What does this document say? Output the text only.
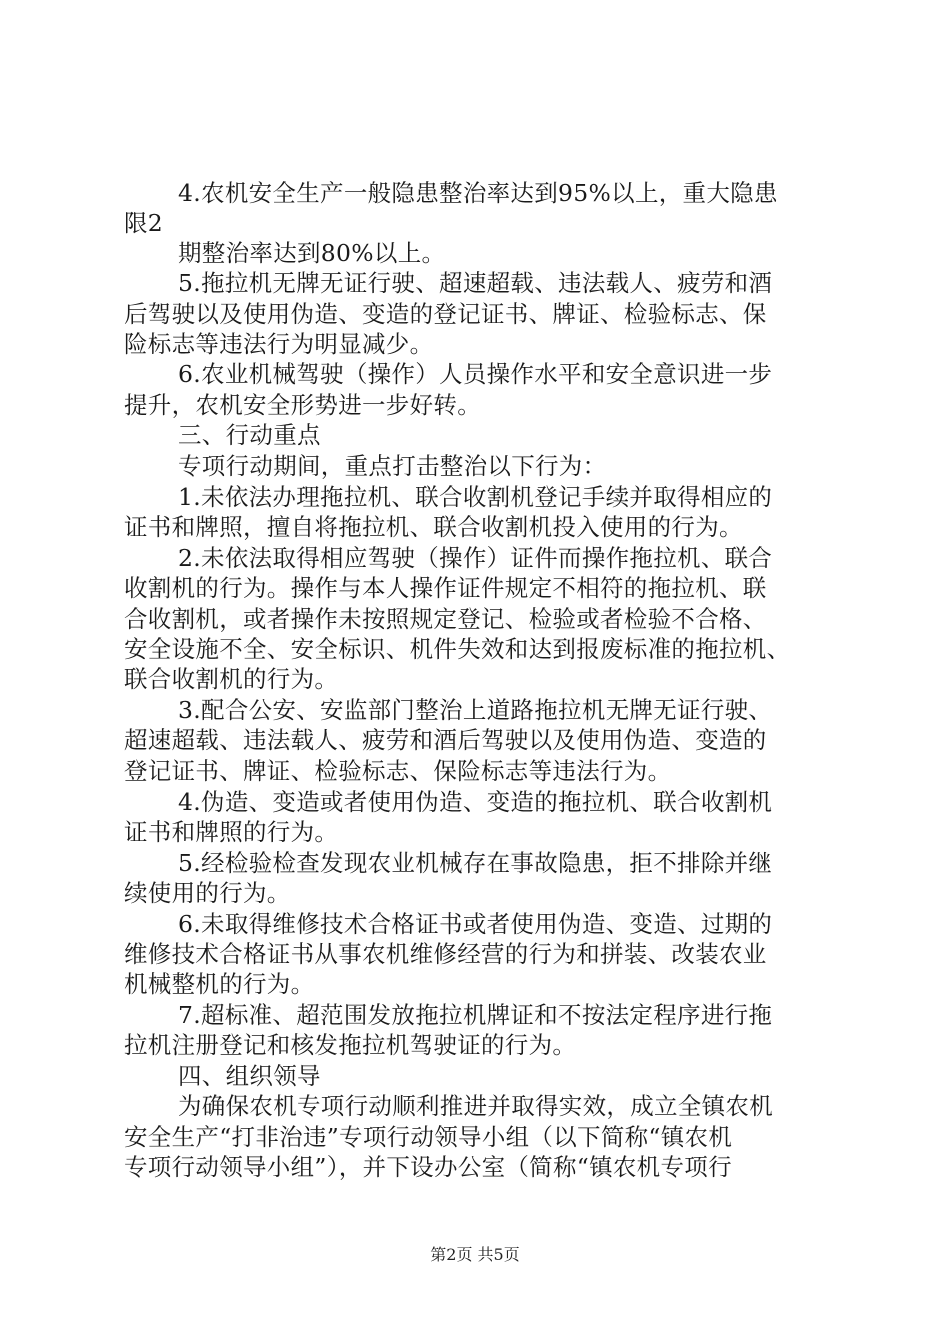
4.农机安全生产一般隐患整治率达到95%以上，重大隐患
限2
期整治率达到80%以上。
5.拖拉机无牌无证行驶、超速超载、违法载人、疲劳和酒
后驾驶以及使用伪造、变造的登记证书、牌证、检验标志、保
险标志等违法行为明显减少。
6.农业机械驾驶（操作）人员操作水平和安全意识进一步
提升，农机安全形势进一步好转。
三、行动重点
专项行动期间，重点打击整治以下行为：
1.未依法办理拖拉机、联合收割机登记手续并取得相应的
证书和牌照，擅自将拖拉机、联合收割机投入使用的行为。
2.未依法取得相应驾驶（操作）证件而操作拖拉机、联合
收割机的行为。操作与本人操作证件规定不相符的拖拉机、联
合收割机，或者操作未按照规定登记、检验或者检验不合格、
安全设施不全、安全标识、机件失效和达到报废标准的拖拉机、
联合收割机的行为。
3.配合公安、安监部门整治上道路拖拉机无牌无证行驶、
超速超载、违法载人、疲劳和酒后驾驶以及使用伪造、变造的
登记证书、牌证、检验标志、保险标志等违法行为。
4.伪造、变造或者使用伪造、变造的拖拉机、联合收割机
证书和牌照的行为。
5.经检验检查发现农业机械存在事故隐患，拒不排除并继
续使用的行为。
6.未取得维修技术合格证书或者使用伪造、变造、过期的
维修技术合格证书从事农机维修经营的行为和拼装、改装农业
机械整机的行为。
7.超标准、超范围发放拖拉机牌证和不按法定程序进行拖
拉机注册登记和核发拖拉机驾驶证的行为。
四、组织领导
为确保农机专项行动顺利推进并取得实效，成立全镇农机
安全生产“打非治违”专项行动领导小组（以下简称“镇农机
专项行动领导小组”），并下设办公室（简称“镇农机专项行
第2页 共5页
